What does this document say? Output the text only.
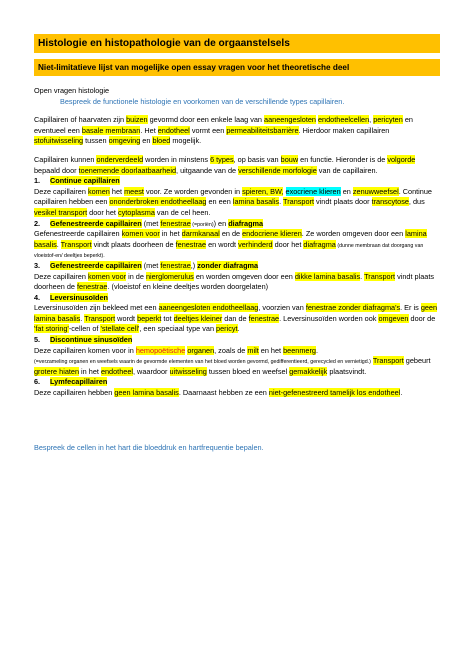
Histologie en histopathologie van de orgaanstelsels
Niet-limitatieve lijst van mogelijke open essay vragen voor het theoretische deel

Open vragen histologie

Bespreek de functionele histologie en voorkomen van de verschillende types capillairen.

Capillairen of haarvaten zijn buizen gevormd door een enkele laag van aaneengesloten endotheelcellen, pericyten en eventueel een basale membraan. Het endotheel vormt een permeabiliteitsbarrière. Hierdoor maken capillairen stofuitwisseling tussen omgeving en bloed mogelijk.

Capillairen kunnen onderverdeeld worden in minstens 6 types, op basis van bouw en functie. Hieronder is de volgorde bepaald door toenemende doorlaatbaarheid, uitgaande van de verschillende morfologie van de capillairen.

1. Continue capillairen

Deze capillairen komen het meest voor. Ze worden gevonden in spieren, BW, exocriene klieren en zenuwweefsel. Continue capillairen hebben een ononderbroken endotheellaag en een lamina basalis. Transport vindt plaats door transcytose, dus vesikel transport door het cytoplasma van de cel heen.

2. Gefenestreerde capillairen (met fenestrae (=poriën)) en diafragma

Gefenestreerde capillairen komen voor in het darmkanaal en de endocriene klieren. Ze worden omgeven door een lamina basalis. Transport vindt plaats doorheen de fenestrae en wordt verhinderd door het diafragma (dunne membraan dat doorgang van vloeistof-en/ deeltjes beperkt).

3. Gefenestreerde capillairen (met fenestrae,) zonder diafragma

Deze capillairen komen voor in de nierglomerulus en worden omgeven door een dikke lamina basalis. Transport vindt plaats doorheen de fenestrae. (vloeistof en kleine deeltjes worden doorgelaten)

4. Leversinusoïden

Leversinusoïden zijn bekleed met een aaneengesloten endotheellaag, voorzien van fenestrae zonder diafragma's. Er is geen lamina basalis. Transport wordt beperkt tot deeltjes kleiner dan de fenestrae. Leversinusoïden worden ook omgeven door de 'fat storing'-cellen of 'stellate cell', een speciaal type van pericyt.

5. Discontinue sinusoïden

Deze capillairen komen voor in hemopoëtische organen, zoals de milt en het beenmerg.
(=verzameling organen en weefsels waarin de gevormde elementen van het bloed worden gevormd, gedifferentieerd, gerecycled en vernietigd.) Transport gebeurt grotere hiaten in het endotheel, waardoor uitwisseling tussen bloed en weefsel gemakkelijk plaatsvindt.

6. Lymfecapillairen

Deze capillairen hebben geen lamina basalis. Daarnaast hebben ze een niet-gefenestreerd tamelijk los endotheel.

Bespreek de cellen in het hart die bloeddruk en hartfrequentie bepalen.
